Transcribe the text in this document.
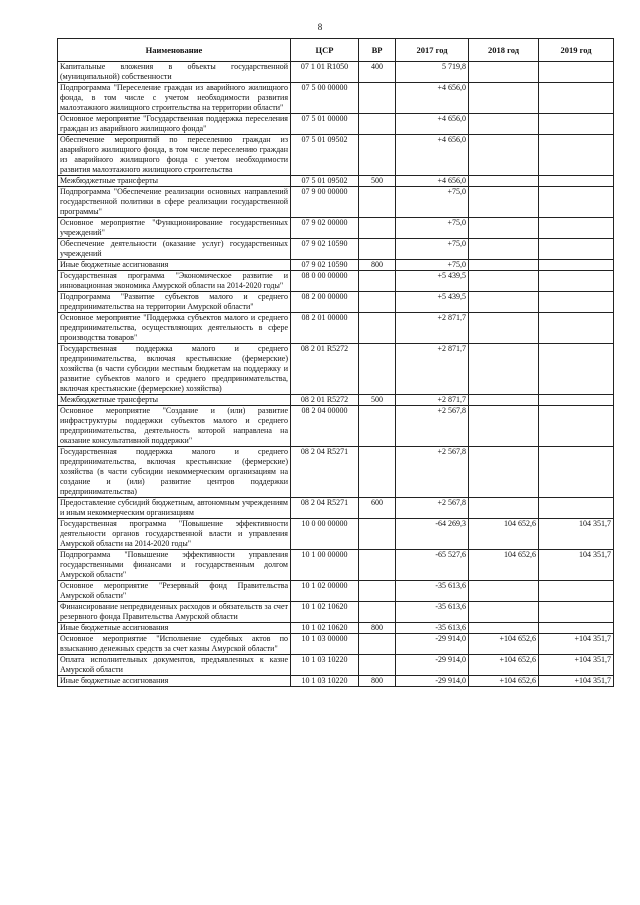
8
Наименование	ЦСР	ВР	2017 год	2018 год	2019 год
Капитальные вложения в объекты государственной (муниципальной) собственности	07 1 01 R1050	400	5 719,8		
Подпрограмма "Переселение граждан из аварийного жилищного фонда, в том числе с учетом необходимости развития малоэтажного жилищного строительства на территории области"	07 5 00 00000		+4 656,0		
Основное мероприятие "Государственная поддержка переселения граждан из аварийного жилищного фонда"	07 5 01 00000		+4 656,0		
Обеспечение мероприятий по переселению граждан из аварийного жилищного фонда, в том числе переселению граждан из аварийного жилищного фонда с учетом необходимости развития малоэтажного жилищного строительства	07 5 01 09502		+4 656,0		
Межбюджетные трансферты	07 5 01 09502	500	+4 656,0		
Подпрограмма "Обеспечение реализации основных направлений государственной политики в сфере реализации государственной программы"	07 9 00 00000		+75,0		
Основное мероприятие "Функционирование государственных учреждений"	07 9 02 00000		+75,0		
Обеспечение деятельности (оказание услуг) государственных учреждений	07 9 02 10590		+75,0		
Иные бюджетные ассигнования	07 9 02 10590	800	+75,0		
Государственная программа "Экономическое развитие и инновационная экономика Амурской области на 2014-2020 годы"	08 0 00 00000		+5 439,5		
Подпрограмма "Развитие субъектов малого и среднего предпринимательства на территории Амурской области"	08 2 00 00000		+5 439,5		
Основное мероприятие "Поддержка субъектов малого и среднего предпринимательства, осуществляющих деятельность в сфере производства товаров"	08 2 01 00000		+2 871,7		
Государственная поддержка малого и среднего предпринимательства, включая крестьянские (фермерские) хозяйства (в части субсидии местным бюджетам на поддержку и развитие субъектов малого и среднего предпринимательства, включая крестьянские (фермерские) хозяйства)	08 2 01 R5272		+2 871,7		
Межбюджетные трансферты	08 2 01 R5272	500	+2 871,7		
Основное мероприятие "Создание и (или) развитие инфраструктуры поддержки субъектов малого и среднего предпринимательства, деятельность которой направлена на оказание консультативной поддержки"	08 2 04 00000		+2 567,8		
Государственная поддержка малого и среднего предпринимательства, включая крестьянские (фермерские) хозяйства (в части субсидии некоммерческим организациям на создание и (или) развитие центров поддержки предпринимательства)	08 2 04 R5271		+2 567,8		
Предоставление субсидий бюджетным, автономным учреждениям и иным некоммерческим организациям	08 2 04 R5271	600	+2 567,8		
Государственная программа "Повышение эффективности деятельности органов государственной власти и управления Амурской области на 2014-2020 годы"	10 0 00 00000		-64 269,3	104 652,6	104 351,7
Подпрограмма "Повышение эффективности управления государственными финансами и государственным долгом Амурской области"	10 1 00 00000		-65 527,6	104 652,6	104 351,7
Основное мероприятие "Резервный фонд Правительства Амурской области"	10 1 02 00000		-35 613,6		
Финансирование непредвиденных расходов и обязательств за счет резервного фонда Правительства Амурской области	10 1 02 10620		-35 613,6		
Иные бюджетные ассигнования	10 1 02 10620	800	-35 613,6		
Основное мероприятие "Исполнение судебных актов по взысканию денежных средств за счет казны Амурской области"	10 1 03 00000		-29 914,0	+104 652,6	+104 351,7
Оплата исполнительных документов, предъявленных к казне Амурской области	10 1 03 10220		-29 914,0	+104 652,6	+104 351,7
Иные бюджетные ассигнования	10 1 03 10220	800	-29 914,0	+104 652,6	+104 351,7
